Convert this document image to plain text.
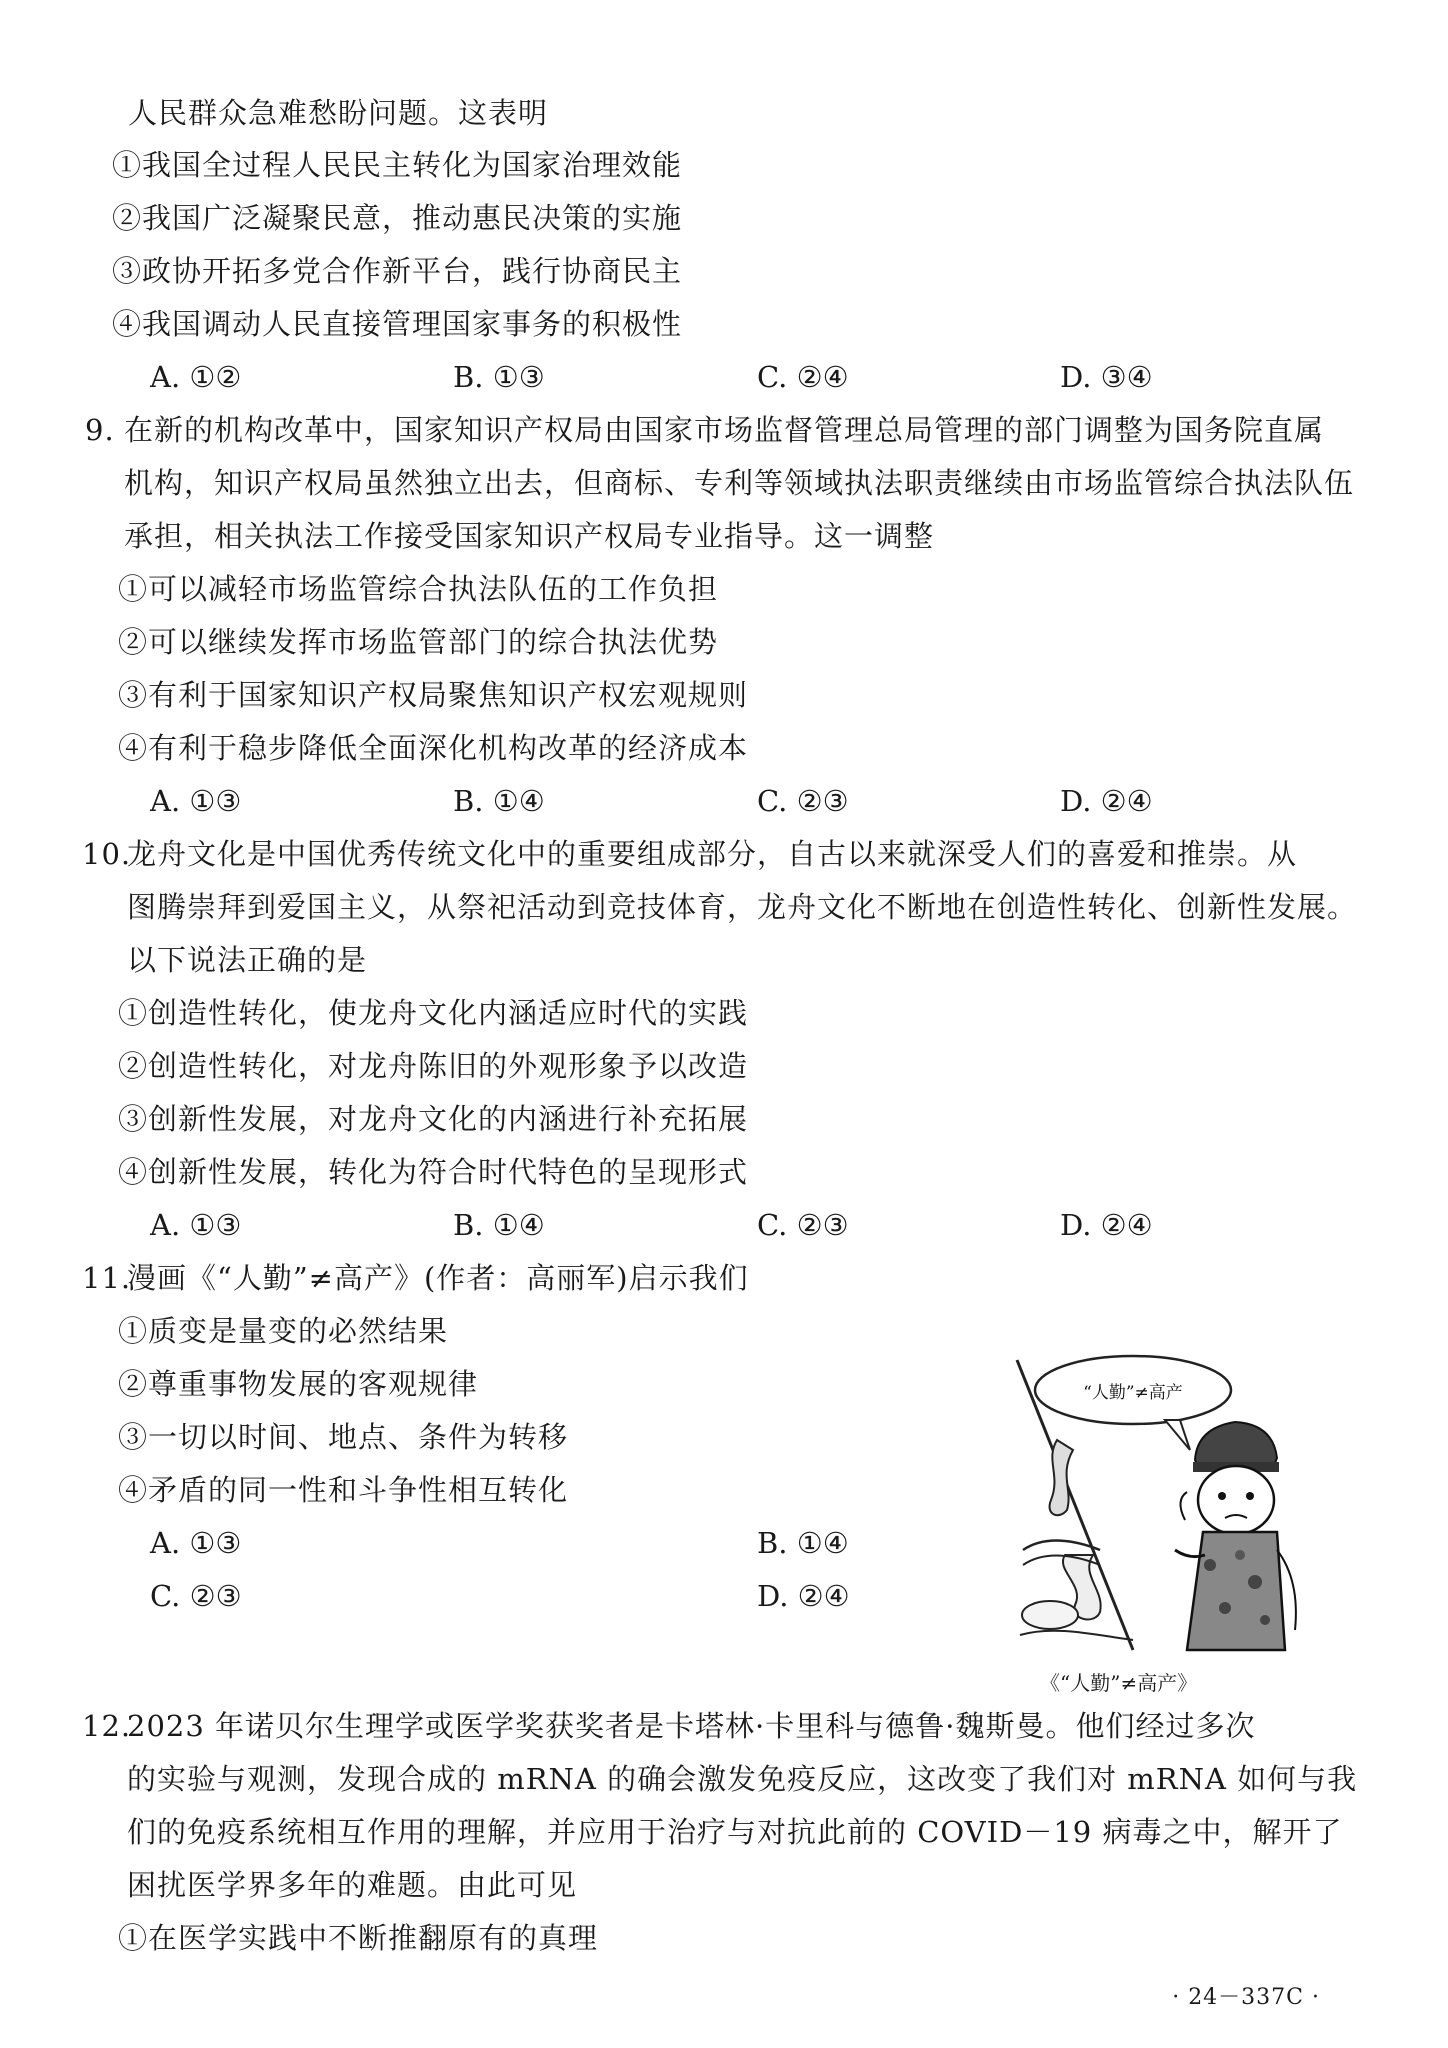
人民群众急难愁盼问题。这表明
①我国全过程人民民主转化为国家治理效能
②我国广泛凝聚民意，推动惠民决策的实施
③政协开拓多党合作新平台，践行协商民主
④我国调动人民直接管理国家事务的积极性
A. ①②	B. ①③	C. ②④	D. ③④
9. 在新的机构改革中，国家知识产权局由国家市场监督管理总局管理的部门调整为国务院直属
机构，知识产权局虽然独立出去，但商标、专利等领域执法职责继续由市场监管综合执法队伍
承担，相关执法工作接受国家知识产权局专业指导。这一调整
①可以减轻市场监管综合执法队伍的工作负担
②可以继续发挥市场监管部门的综合执法优势
③有利于国家知识产权局聚焦知识产权宏观规则
④有利于稳步降低全面深化机构改革的经济成本
A. ①③	B. ①④	C. ②③	D. ②④
10.
龙舟文化是中国优秀传统文化中的重要组成部分，自古以来就深受人们的喜爱和推崇。从
图腾崇拜到爱国主义，从祭祀活动到竞技体育，龙舟文化不断地在创造性转化、创新性发展。
以下说法正确的是
①创造性转化，使龙舟文化内涵适应时代的实践
②创造性转化，对龙舟陈旧的外观形象予以改造
③创新性发展，对龙舟文化的内涵进行补充拓展
④创新性发展，转化为符合时代特色的呈现形式
A. ①③	B. ①④	C. ②③	D. ②④
11.
漫画《“人勤”≠高产》(作者：高丽军)启示我们
①质变是量变的必然结果
②尊重事物发展的客观规律
③一切以时间、地点、条件为转移
④矛盾的同一性和斗争性相互转化
A. ①③	B. ①④
C. ②③	D. ②④
“人勤”≠高产
《“人勤”≠高产》
12.
2023 年诺贝尔生理学或医学奖获奖者是卡塔林·卡里科与德鲁·魏斯曼。他们经过多次
的实验与观测，发现合成的 mRNA 的确会激发免疫反应，这改变了我们对 mRNA 如何与我
们的免疫系统相互作用的理解，并应用于治疗与对抗此前的 COVID－19 病毒之中，解开了
困扰医学界多年的难题。由此可见
①在医学实践中不断推翻原有的真理
· 24－337C ·
